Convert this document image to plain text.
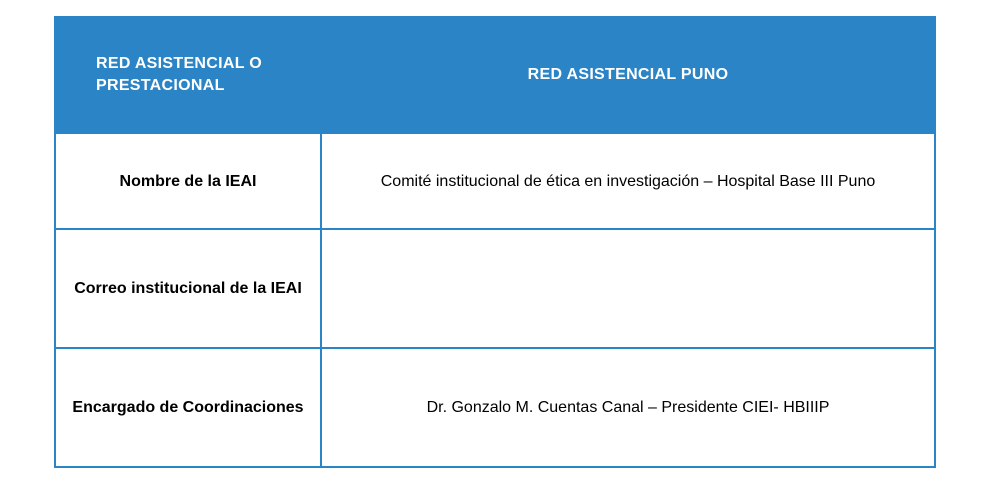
RED ASISTENCIAL O PRESTACIONAL	RED ASISTENCIAL PUNO
Nombre de la IEAI	Comité institucional de ética en investigación – Hospital Base III Puno
Correo institucional de la IEAI	
Encargado de Coordinaciones	Dr. Gonzalo M. Cuentas Canal – Presidente CIEI- HBIIIP
